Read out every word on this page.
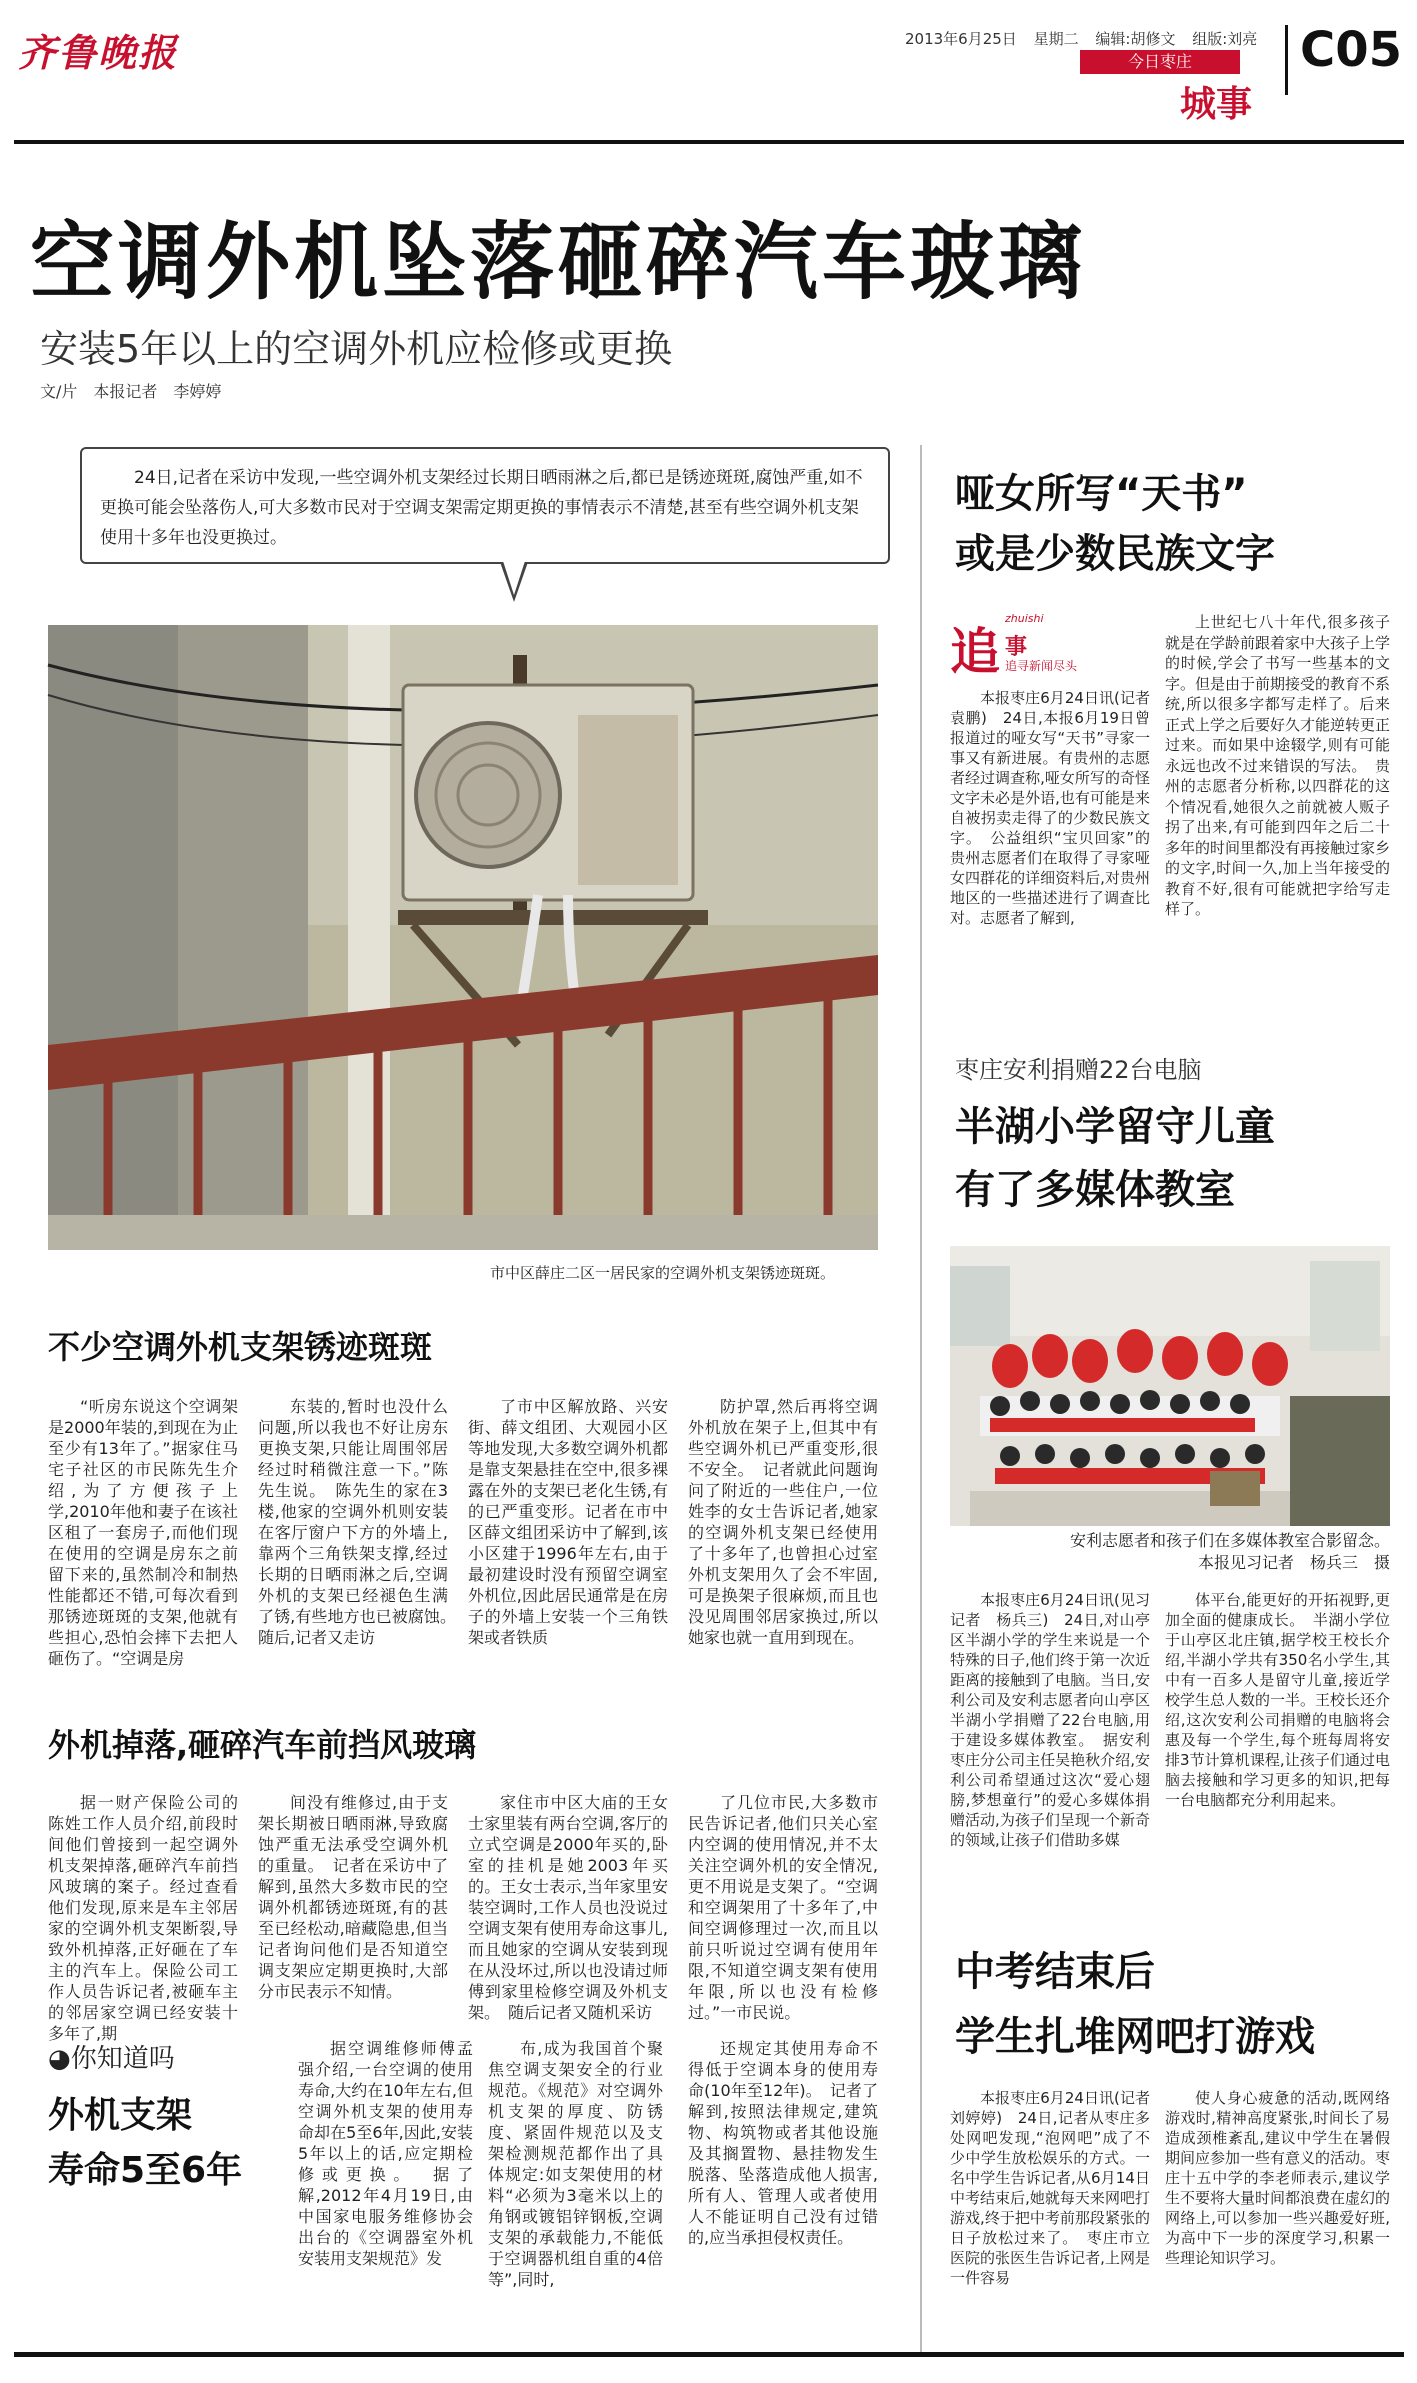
齐鲁晚报	2013年6月25日 星期二 编辑:胡修文 组版:刘亮
今日枣庄
城事
C05
空调外机坠落砸碎汽车玻璃
安装5年以上的空调外机应检修或更换
文/片　本报记者　李婷婷
24日,记者在采访中发现,一些空调外机支架经过长期日晒雨淋之后,都已是锈迹斑斑,腐蚀严重,如不更换可能会坠落伤人,可大多数市民对于空调支架需定期更换的事情表示不清楚,甚至有些空调外机支架使用十多年也没更换过。
市中区薛庄二区一居民家的空调外机支架锈迹斑斑。
不少空调外机支架锈迹斑斑

“听房东说这个空调架是2000年装的,到现在为止至少有13年了。”据家住马宅子社区的市民陈先生介绍,为了方便孩子上学,2010年他和妻子在该社区租了一套房子,而他们现在使用的空调是房东之前留下来的,虽然制冷和制热性能都还不错,可每次看到那锈迹斑斑的支架,他就有些担心,恐怕会摔下去把人砸伤了。“空调是房

东装的,暂时也没什么问题,所以我也不好让房东更换支架,只能让周围邻居经过时稍微注意一下。”陈先生说。　陈先生的家在3楼,他家的空调外机则安装在客厅窗户下方的外墙上,靠两个三角铁架支撑,经过长期的日晒雨淋之后,空调外机的支架已经褪色生满了锈,有些地方也已被腐蚀。　随后,记者又走访

了市中区解放路、兴安街、薛文组团、大观园小区等地发现,大多数空调外机都是靠支架悬挂在空中,很多裸露在外的支架已老化生锈,有的已严重变形。记者在市中区薛文组团采访中了解到,该小区建于1996年左右,由于最初建设时没有预留空调室外机位,因此居民通常是在房子的外墙上安装一个三角铁架或者铁质

防护罩,然后再将空调外机放在架子上,但其中有些空调外机已严重变形,很不安全。　记者就此问题询问了附近的一些住户,一位姓李的女士告诉记者,她家的空调外机支架已经使用了十多年了,也曾担心过室外机支架用久了会不牢固,可是换架子很麻烦,而且也没见周围邻居家换过,所以她家也就一直用到现在。

外机掉落,砸碎汽车前挡风玻璃

据一财产保险公司的陈姓工作人员介绍,前段时间他们曾接到一起空调外机支架掉落,砸碎汽车前挡风玻璃的案子。经过查看他们发现,原来是车主邻居家的空调外机支架断裂,导致外机掉落,正好砸在了车主的汽车上。保险公司工作人员告诉记者,被砸车主的邻居家空调已经安装十多年了,期

间没有维修过,由于支架长期被日晒雨淋,导致腐蚀严重无法承受空调外机的重量。　记者在采访中了解到,虽然大多数市民的空调外机都锈迹斑斑,有的甚至已经松动,暗藏隐患,但当记者询问他们是否知道空调支架应定期更换时,大部分市民表示不知情。

家住市中区大庙的王女士家里装有两台空调,客厅的立式空调是2000年买的,卧室的挂机是她2003年买的。王女士表示,当年家里安装空调时,工作人员也没说过空调支架有使用寿命这事儿,而且她家的空调从安装到现在从没坏过,所以也没请过师傅到家里检修空调及外机支架。　随后记者又随机采访

了几位市民,大多数市民告诉记者,他们只关心室内空调的使用情况,并不太关注空调外机的安全情况,更不用说是支架了。“空调和空调架用了十多年了,中间空调修理过一次,而且以前只听说过空调有使用年限,不知道空调支架有使用年限,所以也没有检修过。”一市民说。

◕你知道吗
外机支架
寿命5至6年

据空调维修师傅孟强介绍,一台空调的使用寿命,大约在10年左右,但空调外机支架的使用寿命却在5至6年,因此,安装5年以上的话,应定期检修或更换。　据了解,2012年4月19日,由中国家电服务维修协会出台的《空调器室外机安装用支架规范》发

布,成为我国首个聚焦空调支架安全的行业规范。《规范》对空调外机支架的厚度、防锈度、紧固件规范以及支架检测规范都作出了具体规定:如支架使用的材料“必须为3毫米以上的角钢或镀铝锌钢板,空调支架的承载能力,不能低于空调器机组自重的4倍等”,同时,

还规定其使用寿命不得低于空调本身的使用寿命(10年至12年)。　记者了解到,按照法律规定,建筑物、构筑物或者其他设施及其搁置物、悬挂物发生脱落、坠落造成他人损害,所有人、管理人或者使用人不能证明自己没有过错的,应当承担侵权责任。

哑女所写“天书”
或是少数民族文字
追
zhuishi
事
追寻新闻尽头

本报枣庄6月24日讯(记者　袁鹏)　24日,本报6月19日曾报道过的哑女写“天书”寻家一事又有新进展。有贵州的志愿者经过调查称,哑女所写的奇怪文字未必是外语,也有可能是来自被拐卖走得了的少数民族文字。　公益组织“宝贝回家”的贵州志愿者们在取得了寻家哑女四群花的详细资料后,对贵州地区的一些描述进行了调查比对。志愿者了解到,

上世纪七八十年代,很多孩子就是在学龄前跟着家中大孩子上学的时候,学会了书写一些基本的文字。但是由于前期接受的教育不系统,所以很多字都写走样了。后来正式上学之后要好久才能逆转更正过来。而如果中途辍学,则有可能永远也改不过来错误的写法。　贵州的志愿者分析称,以四群花的这个情况看,她很久之前就被人贩子拐了出来,有可能到四年之后二十多年的时间里都没有再接触过家乡的文字,时间一久,加上当年接受的教育不好,很有可能就把字给写走样了。

枣庄安利捐赠22台电脑
半湖小学留守儿童
有了多媒体教室
安利志愿者和孩子们在多媒体教室合影留念。
本报见习记者　杨兵三　摄

本报枣庄6月24日讯(见习记者　杨兵三)　24日,对山亭区半湖小学的学生来说是一个特殊的日子,他们终于第一次近距离的接触到了电脑。当日,安利公司及安利志愿者向山亭区半湖小学捐赠了22台电脑,用于建设多媒体教室。　据安利枣庄分公司主任吴艳秋介绍,安利公司希望通过这次“爱心翅膀,梦想童行”的爱心多媒体捐赠活动,为孩子们呈现一个新奇的领域,让孩子们借助多媒

体平台,能更好的开拓视野,更加全面的健康成长。　半湖小学位于山亭区北庄镇,据学校王校长介绍,半湖小学共有350名小学生,其中有一百多人是留守儿童,接近学校学生总人数的一半。王校长还介绍,这次安利公司捐赠的电脑将会惠及每一个学生,每个班每周将安排3节计算机课程,让孩子们通过电脑去接触和学习更多的知识,把每一台电脑都充分利用起来。

中考结束后
学生扎堆网吧打游戏

本报枣庄6月24日讯(记者　刘婷婷)　24日,记者从枣庄多处网吧发现,“泡网吧”成了不少中学生放松娱乐的方式。一名中学生告诉记者,从6月14日中考结束后,她就每天来网吧打游戏,终于把中考前那段紧张的日子放松过来了。　枣庄市立医院的张医生告诉记者,上网是一件容易

使人身心疲惫的活动,既网络游戏时,精神高度紧张,时间长了易造成颈椎紊乱,建议中学生在暑假期间应参加一些有意义的活动。枣庄十五中学的李老师表示,建议学生不要将大量时间都浪费在虚幻的网络上,可以参加一些兴趣爱好班,为高中下一步的深度学习,积累一些理论知识学习。
